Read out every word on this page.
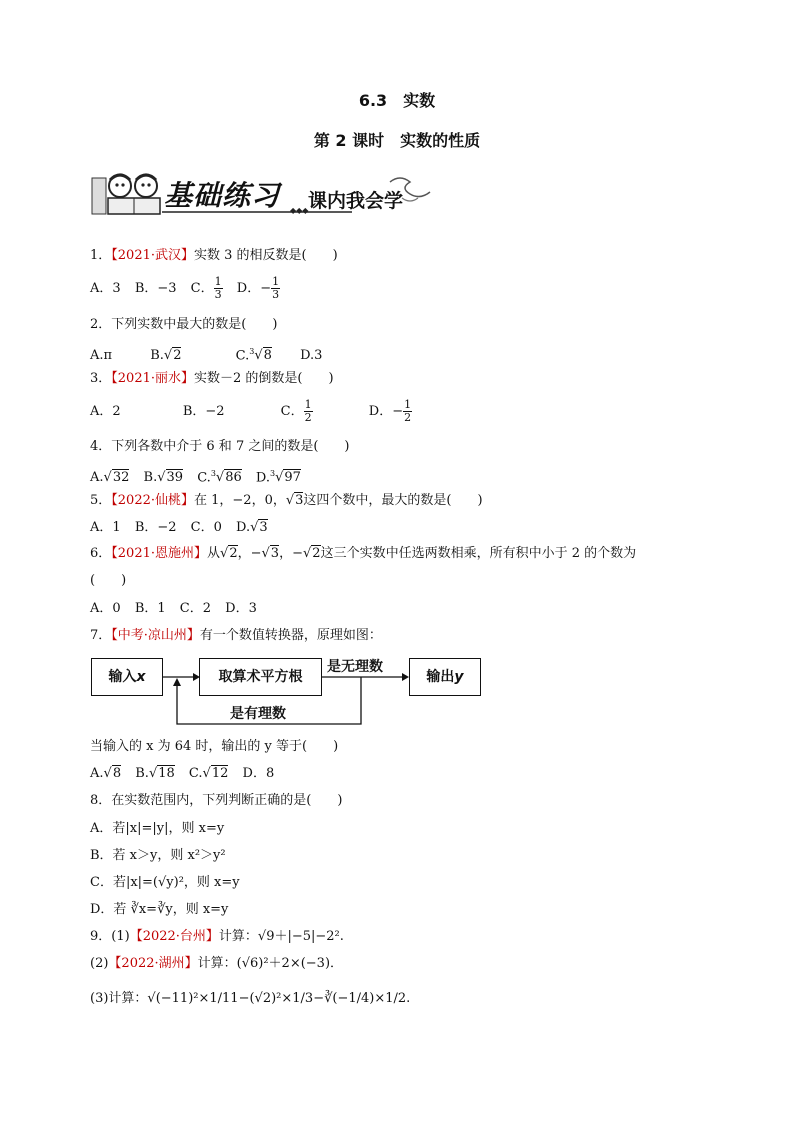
6.3　实数
第 2 课时　实数的性质
◆◆◆
基础练习 课内我会学
1．【2021·武汉】实数 3 的相反数是(　　)
A．3 B．−3 C． $\frac{1}{3}$ D．− $\frac{1}{3}$
2．下列实数中最大的数是(　　)
A.π	B.√2	C.$^3$√8 D.3
3．【2021·丽水】实数－2 的倒数是(　　)
A．2	B．−2	C． $\frac{1}{2}$	D．− $\frac{1}{2}$
4．下列各数中介于 6 和 7 之间的数是(　　)
A.√32 B.√39 C.$^3$√86 D.$^3$√97
5．【2022·仙桃】在 1，−2，0，√3这四个数中，最大的数是(　　)
A．1 B．−2 C．0 D.√3
6．【2021·恩施州】从√2，−√3，−√2这三个实数中任选两数相乘，所有积中小于 2 的个数为
(　　)
A．0 B．1 C．2 D．3
7．【中考·凉山州】有一个数值转换器，原理如图：
输入x	取算术平方根	输出y
是无理数
是有理数
当输入的 x 为 64 时，输出的 y 等于(　　)
A.√8 B.√18 C.√12 D．8
8．在实数范围内，下列判断正确的是(　　)
A．若|x|=|y|，则 x=y
B．若 x＞y，则 x²＞y²
C．若|x|=(√y)²，则 x=y
D．若 ∛x=∛y，则 x=y
9．(1)【2022·台州】计算：√9＋|−5|−2².
(2)【2022·湖州】计算：(√6)²＋2×(−3)．
(3)计算：√(−11)²×1/11−(√2)²×1/3−∛(−1/4)×1/2.
